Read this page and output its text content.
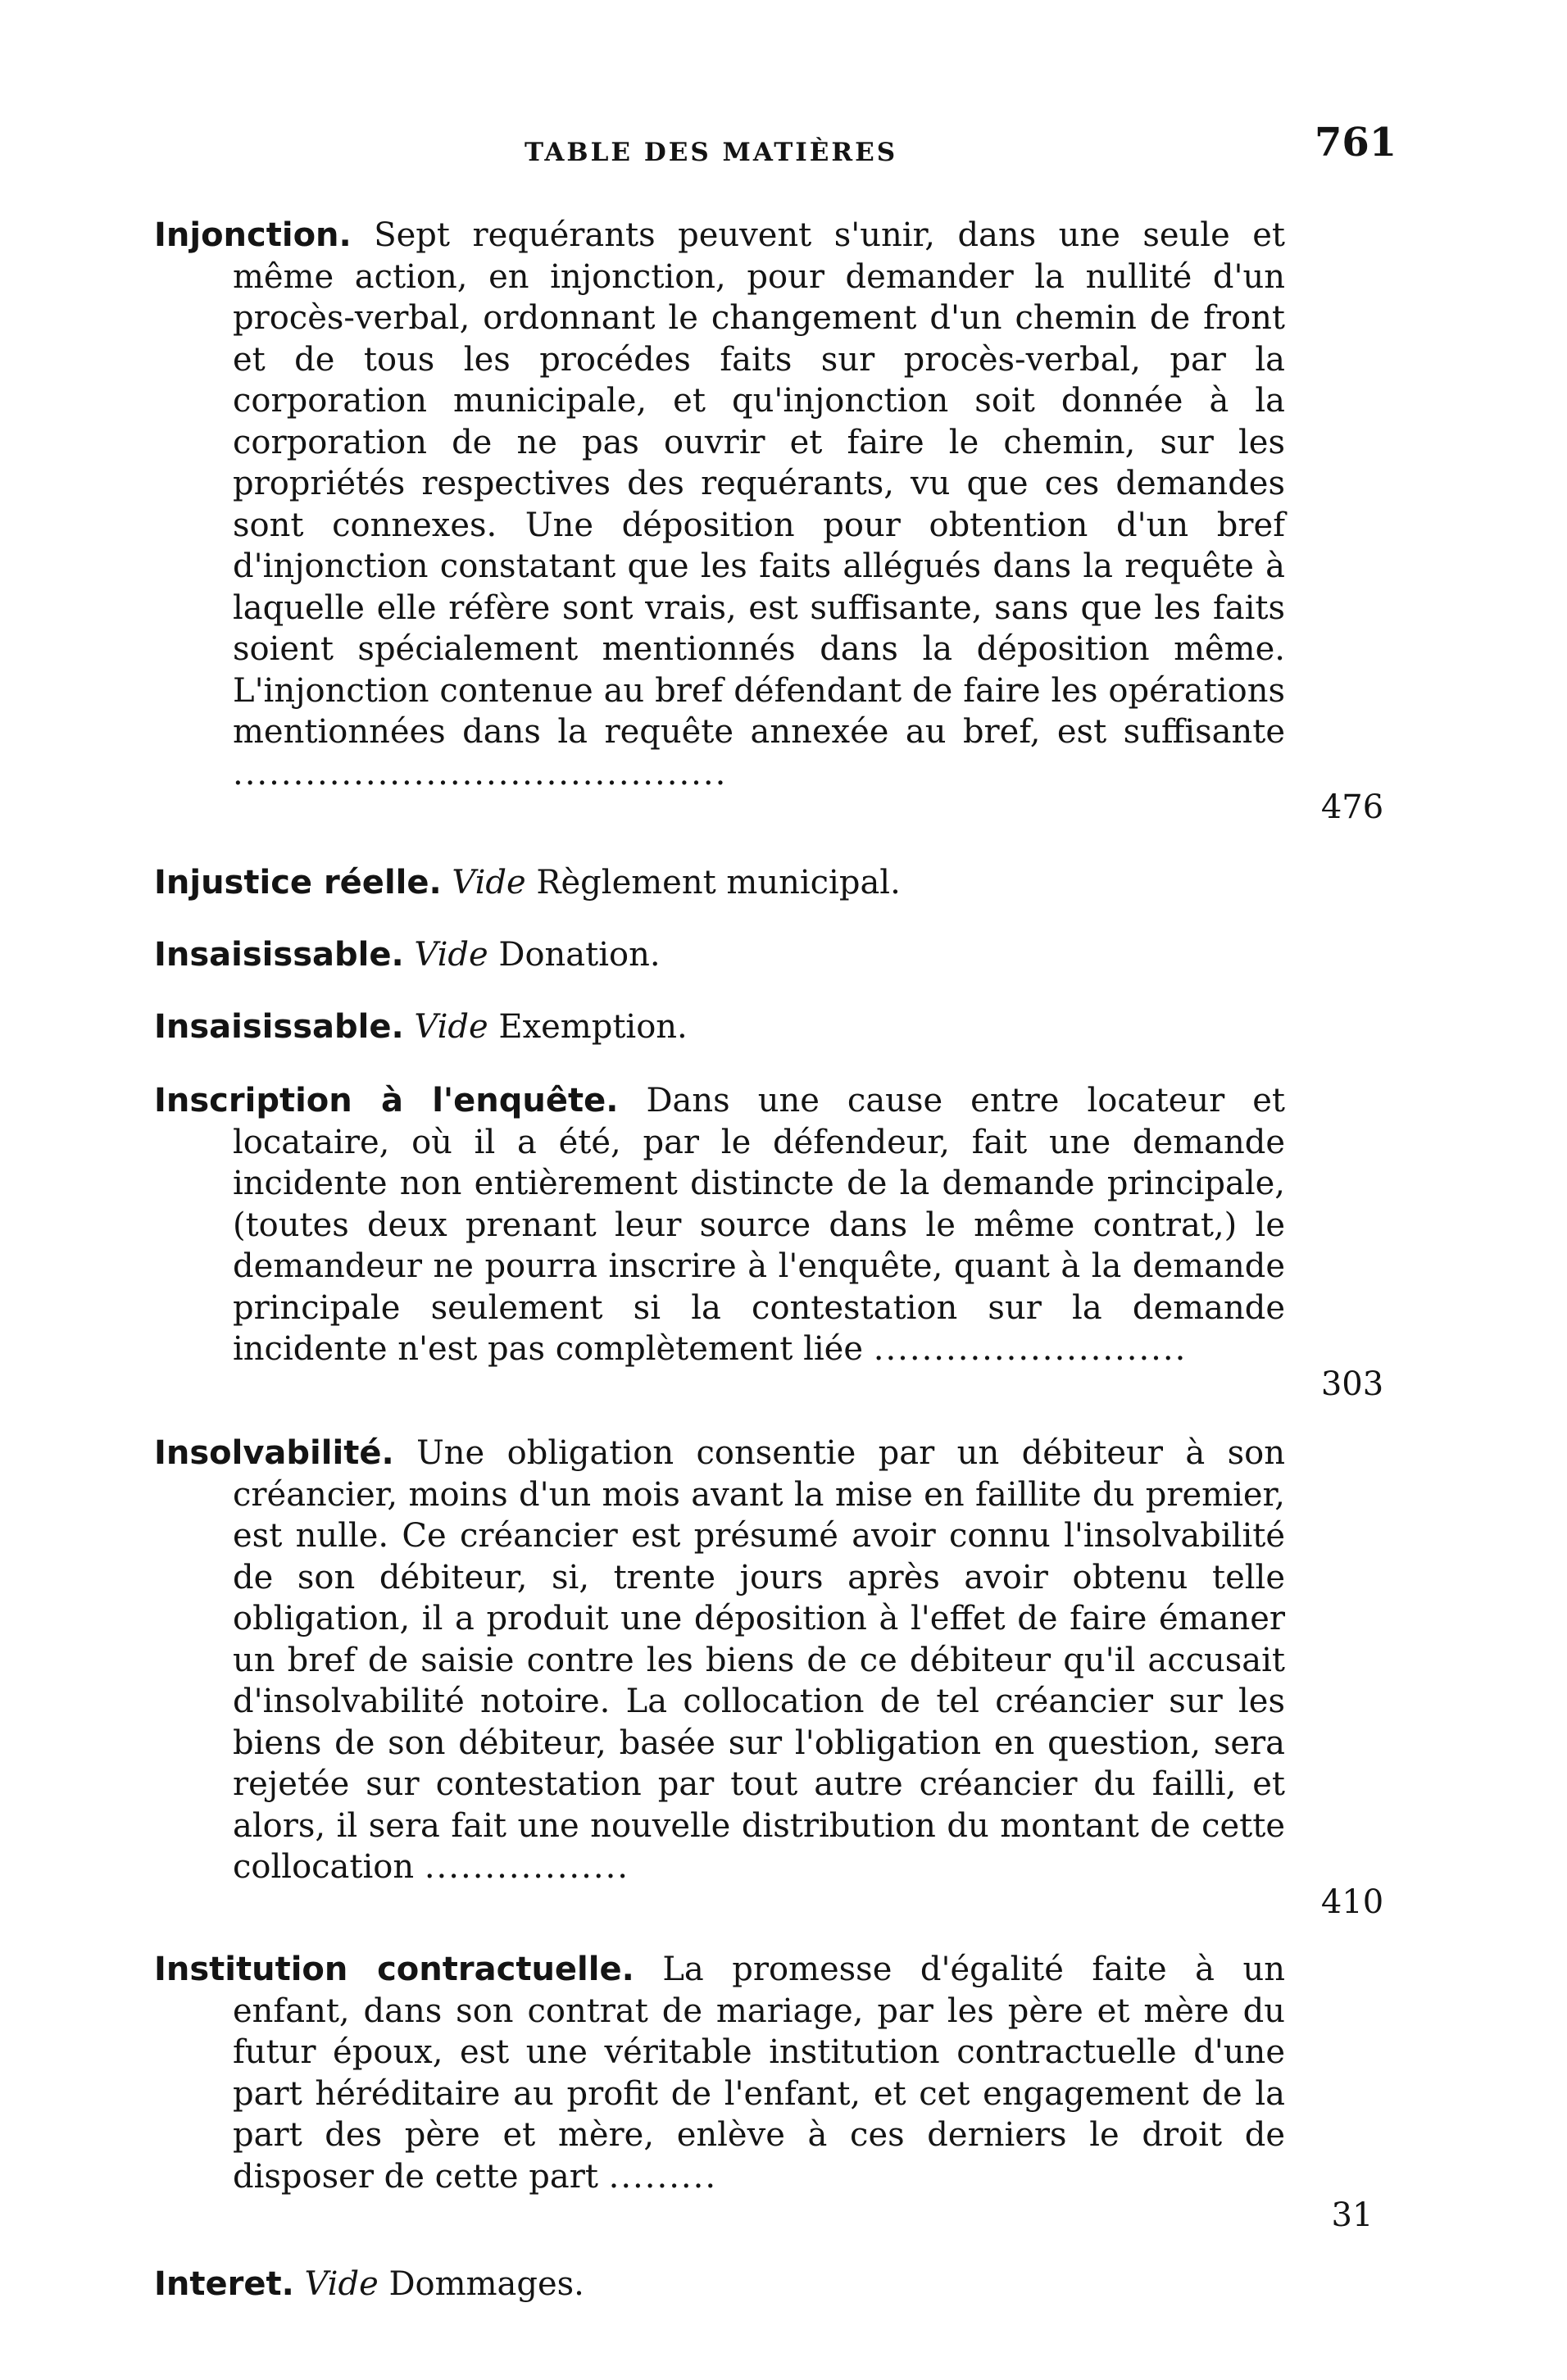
TABLE DES MATIÈRES	761

Injonction. Sept requérants peuvent s'unir, dans une seule et même action, en injonction, pour demander la nullité d'un procès-verbal, ordonnant le changement d'un chemin de front et de tous les procédes faits sur procès-verbal, par la corporation municipale, et qu'injonction soit donnée à la corporation de ne pas ouvrir et faire le chemin, sur les propriétés respectives des requérants, vu que ces demandes sont connexes. Une déposition pour obtention d'un bref d'injonction constatant que les faits allégués dans la requête à laquelle elle réfère sont vrais, est suffisante, sans que les faits soient spécialement mentionnés dans la déposition même. L'injonction contenue au bref défendant de faire les opérations mentionnées dans la requête annexée au bref, est suffisante .........................................

476

Injustice réelle. Vide Règlement municipal.

Insaisissable. Vide Donation.

Insaisissable. Vide Exemption.

Inscription à l'enquête. Dans une cause entre locateur et locataire, où il a été, par le défendeur, fait une demande incidente non entièrement distincte de la demande principale, (toutes deux prenant leur source dans le même contrat,) le demandeur ne pourra inscrire à l'enquête, quant à la demande principale seulement si la contestation sur la demande incidente n'est pas complètement liée ..........................

303

Insolvabilité. Une obligation consentie par un débiteur à son créancier, moins d'un mois avant la mise en faillite du premier, est nulle. Ce créancier est présumé avoir connu l'insolvabilité de son débiteur, si, trente jours après avoir obtenu telle obligation, il a produit une déposition à l'effet de faire émaner un bref de saisie contre les biens de ce débiteur qu'il accusait d'insolvabilité notoire. La collocation de tel créancier sur les biens de son débiteur, basée sur l'obligation en question, sera rejetée sur contestation par tout autre créancier du failli, et alors, il sera fait une nouvelle distribution du montant de cette collocation .................

410

Institution contractuelle. La promesse d'égalité faite à un enfant, dans son contrat de mariage, par les père et mère du futur époux, est une véritable institution contractuelle d'une part héréditaire au profit de l'enfant, et cet engagement de la part des père et mère, enlève à ces derniers le droit de disposer de cette part .........

31

Interet. Vide Dommages.
